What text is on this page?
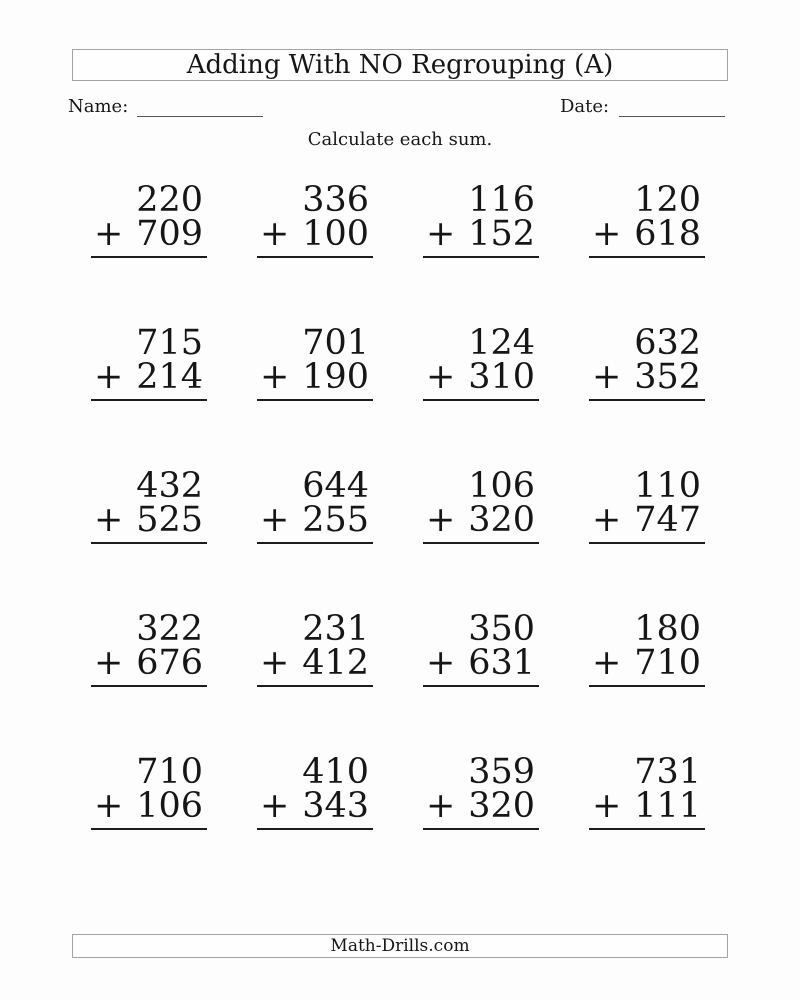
Adding With NO Regrouping (A)
Name:	Date:
Calculate each sum.
220
+ 709
336
+ 100
116
+ 152
120
+ 618
715
+ 214
701
+ 190
124
+ 310
632
+ 352
432
+ 525
644
+ 255
106
+ 320
110
+ 747
322
+ 676
231
+ 412
350
+ 631
180
+ 710
710
+ 106
410
+ 343
359
+ 320
731
+ 111
Math-Drills.com
